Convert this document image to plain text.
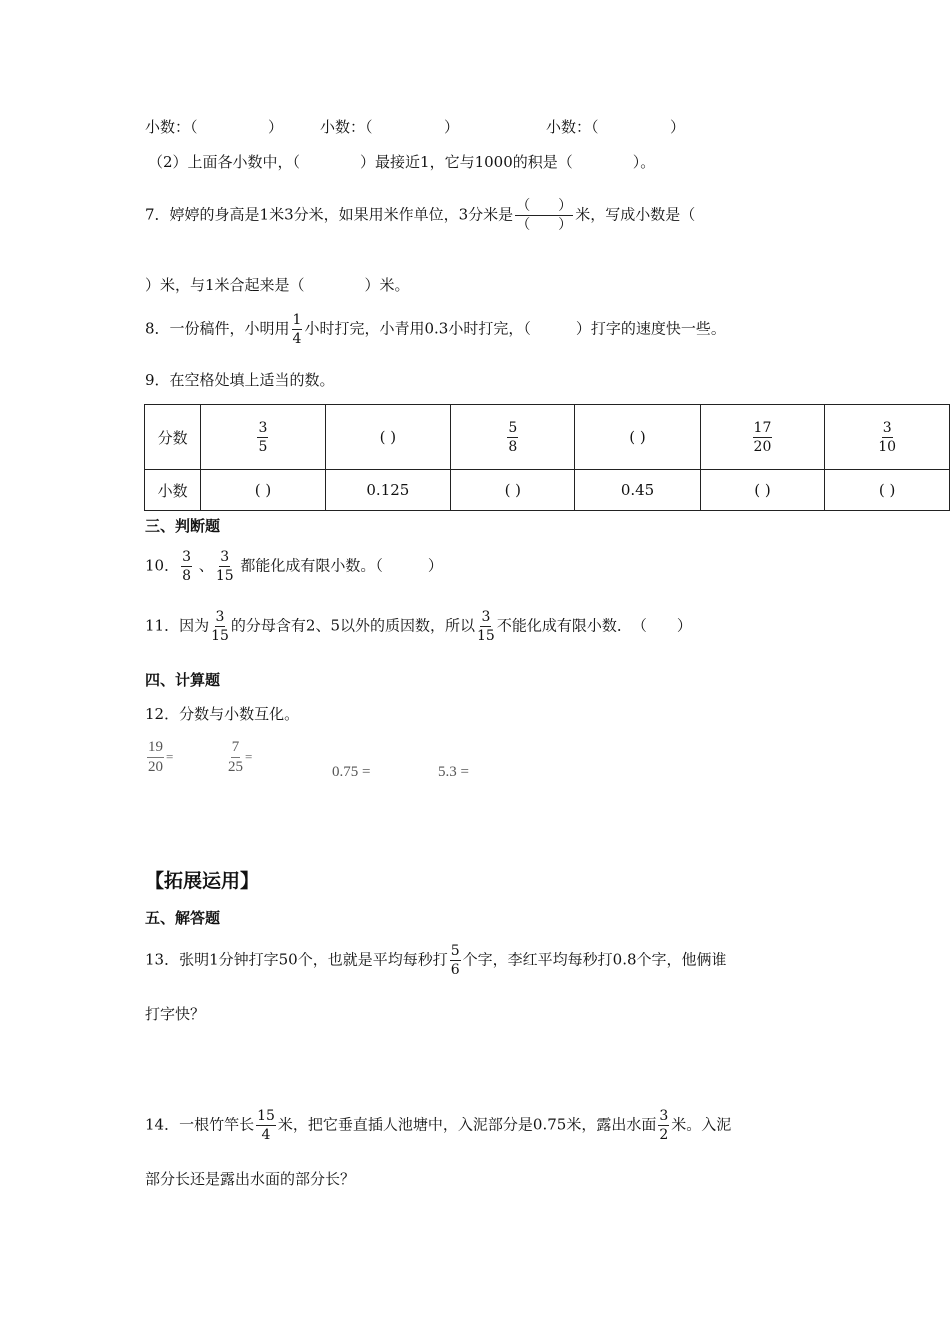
小数：（	） 小数：（	）	小数：（	）
（2）上面各小数中，（　　　　）最接近1，它与1000的积是（　　　　）。
7．婷婷的身高是1米3分米，如果用米作单位，3分米是 $\frac{( )}{( )}$ 米，写成小数是（
）米，与1米合起来是（　　　　）米。
8．一份稿件，小明用 $\frac{1}{4}$ 小时打完，小青用0.3小时打完，（　　　）打字的速度快一些。
9．在空格处填上适当的数。
分数	$\frac{3}{5}$	( )	$\frac{5}{8}$	( )	$\frac{17}{20}$	$\frac{3}{10}$

小数	( )	0.125	( )	0.45	( )	( )
三、判断题
10． $\frac{3}{8}$ 、 $\frac{3}{15}$ 都能化成有限小数。（　　　）
11．因为 $\frac{3}{15}$ 的分母含有2、5以外的质因数，所以 $\frac{3}{15}$ 不能化成有限小数．　（　　）
四、计算题
12．分数与小数互化。
$\frac{19}{20}$ =	$\frac{7}{25}$ =
0.75 =	5.3 =
【拓展运用】
五、解答题
13．张明1分钟打字50个，也就是平均每秒打 $\frac{5}{6}$ 个字，李红平均每秒打0.8个字，他俩谁
打字快？
14．一根竹竿长 $\frac{15}{4}$ 米，把它垂直插人池塘中，入泥部分是0.75米，露出水面 $\frac{3}{2}$ 米。入泥
部分长还是露出水面的部分长？
